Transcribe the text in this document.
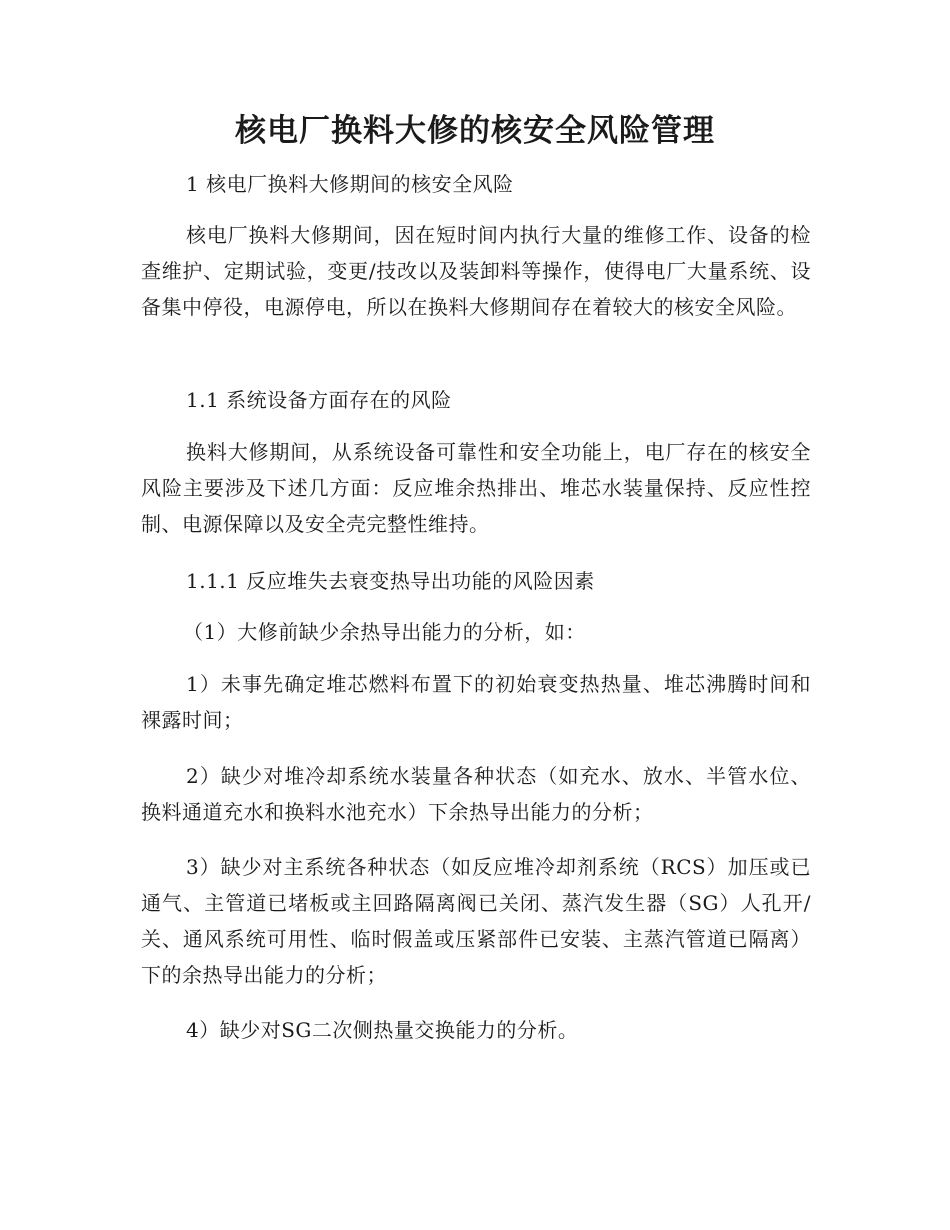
核电厂换料大修的核安全风险管理
1 核电厂换料大修期间的核安全风险
核电厂换料大修期间，因在短时间内执行大量的维修工作、设备的检查维护、定期试验，变更/技改以及装卸料等操作，使得电厂大量系统、设备集中停役，电源停电，所以在换料大修期间存在着较大的核安全风险。
1.1 系统设备方面存在的风险
换料大修期间，从系统设备可靠性和安全功能上，电厂存在的核安全风险主要涉及下述几方面：反应堆余热排出、堆芯水装量保持、反应性控制、电源保障以及安全壳完整性维持。
1.1.1 反应堆失去衰变热导出功能的风险因素
（1）大修前缺少余热导出能力的分析，如：
1）未事先确定堆芯燃料布置下的初始衰变热热量、堆芯沸腾时间和裸露时间；
2）缺少对堆冷却系统水装量各种状态（如充水、放水、半管水位、换料通道充水和换料水池充水）下余热导出能力的分析；
3）缺少对主系统各种状态（如反应堆冷却剂系统（RCS）加压或已通气、主管道已堵板或主回路隔离阀已关闭、蒸汽发生器（SG）人孔开/关、通风系统可用性、临时假盖或压紧部件已安装、主蒸汽管道已隔离）下的余热导出能力的分析；
4）缺少对SG二次侧热量交换能力的分析。
